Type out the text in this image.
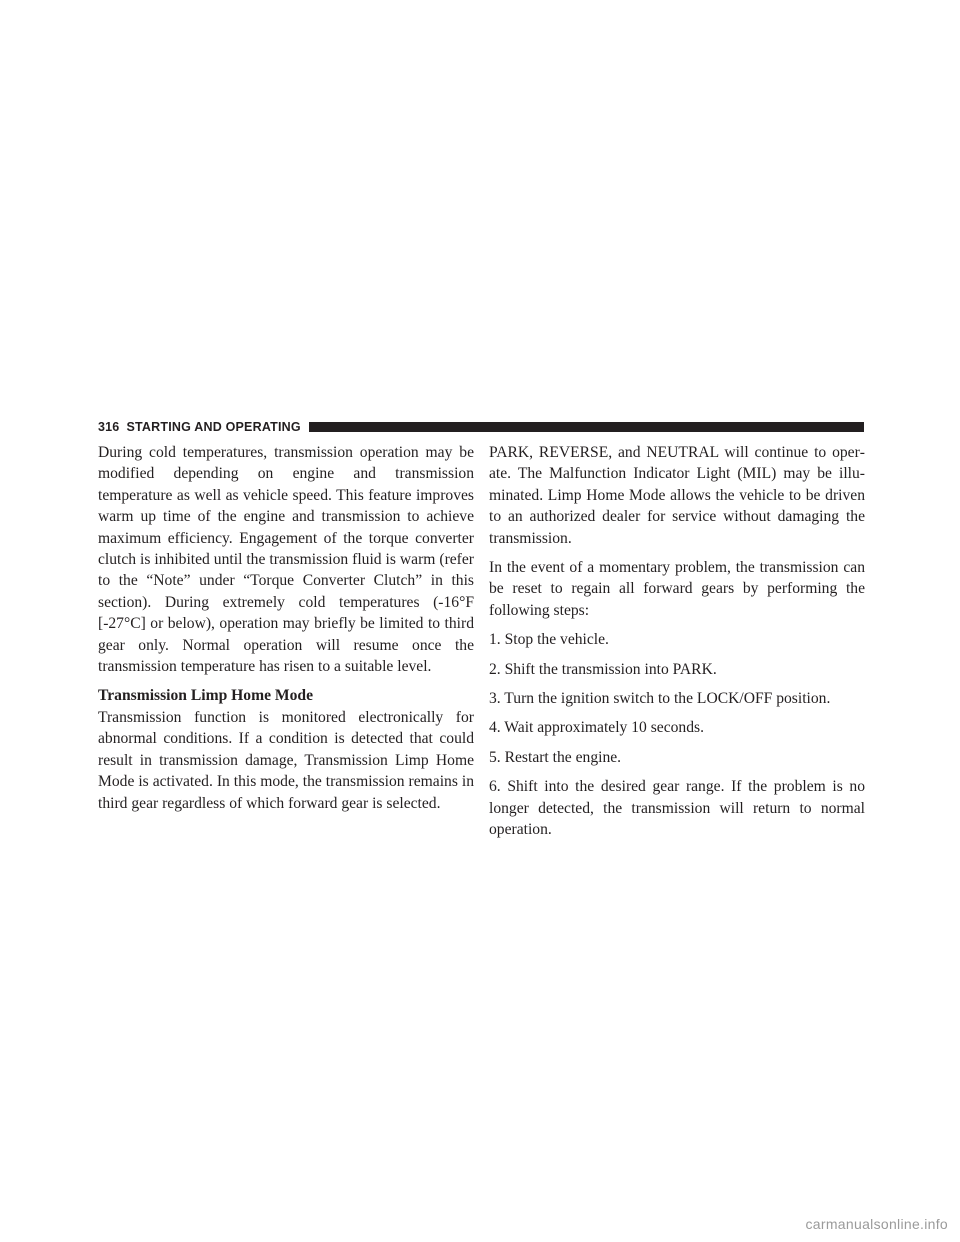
316 STARTING AND OPERATING

During cold temperatures, transmission operation may be modified depending on engine and transmission temperature as well as vehicle speed. This feature improves warm up time of the engine and transmission to achieve maximum efficiency. Engagement of the torque converter clutch is inhibited until the transmission fluid is warm (refer to the “Note” under “Torque Converter Clutch” in this section). During extremely cold temperatures (-16°F [-27°C] or below), operation may briefly be limited to third gear only. Normal operation will resume once the transmission temperature has risen to a suitable level.

Transmission Limp Home Mode

Transmission function is monitored electronically for abnormal conditions. If a condition is detected that could result in transmission damage, Transmission Limp Home Mode is activated. In this mode, the transmission remains in third gear regardless of which forward gear is selected.

PARK, REVERSE, and NEUTRAL will continue to operate. The Malfunction Indicator Light (MIL) may be illuminated. Limp Home Mode allows the vehicle to be driven to an authorized dealer for service without damaging the transmission.

In the event of a momentary problem, the transmission can be reset to regain all forward gears by performing the following steps:

1. Stop the vehicle.

2. Shift the transmission into PARK.

3. Turn the ignition switch to the LOCK/OFF position.

4. Wait approximately 10 seconds.

5. Restart the engine.

6. Shift into the desired gear range. If the problem is no longer detected, the transmission will return to normal operation.

carmanualsonline.info
